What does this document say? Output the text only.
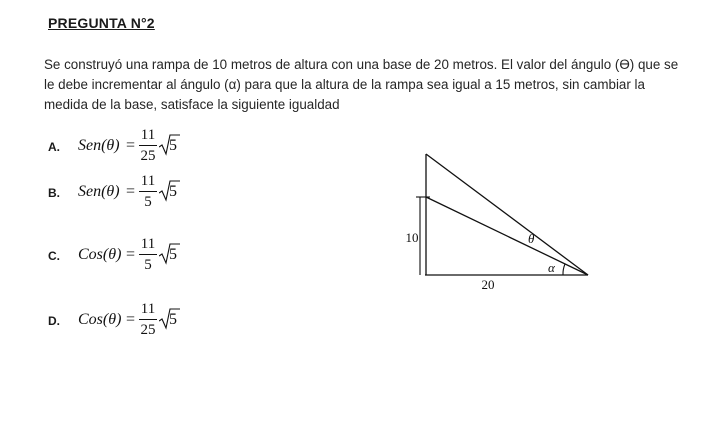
PREGUNTA N°2
Se construyó una rampa de 10 metros de altura con una base de 20 metros. El valor del ángulo (ϴ) que se le debe incrementar al ángulo (α) para que la altura de la rampa sea igual a 15 metros, sin cambiar la medida de la base, satisface la siguiente igualdad
A. Sen(θ) =
11
25
5
B. Sen(θ) =
11
5
5
C. Cos(θ) =
11
5
5
D. Cos(θ) =
11
25
5
10
20
θ
α
